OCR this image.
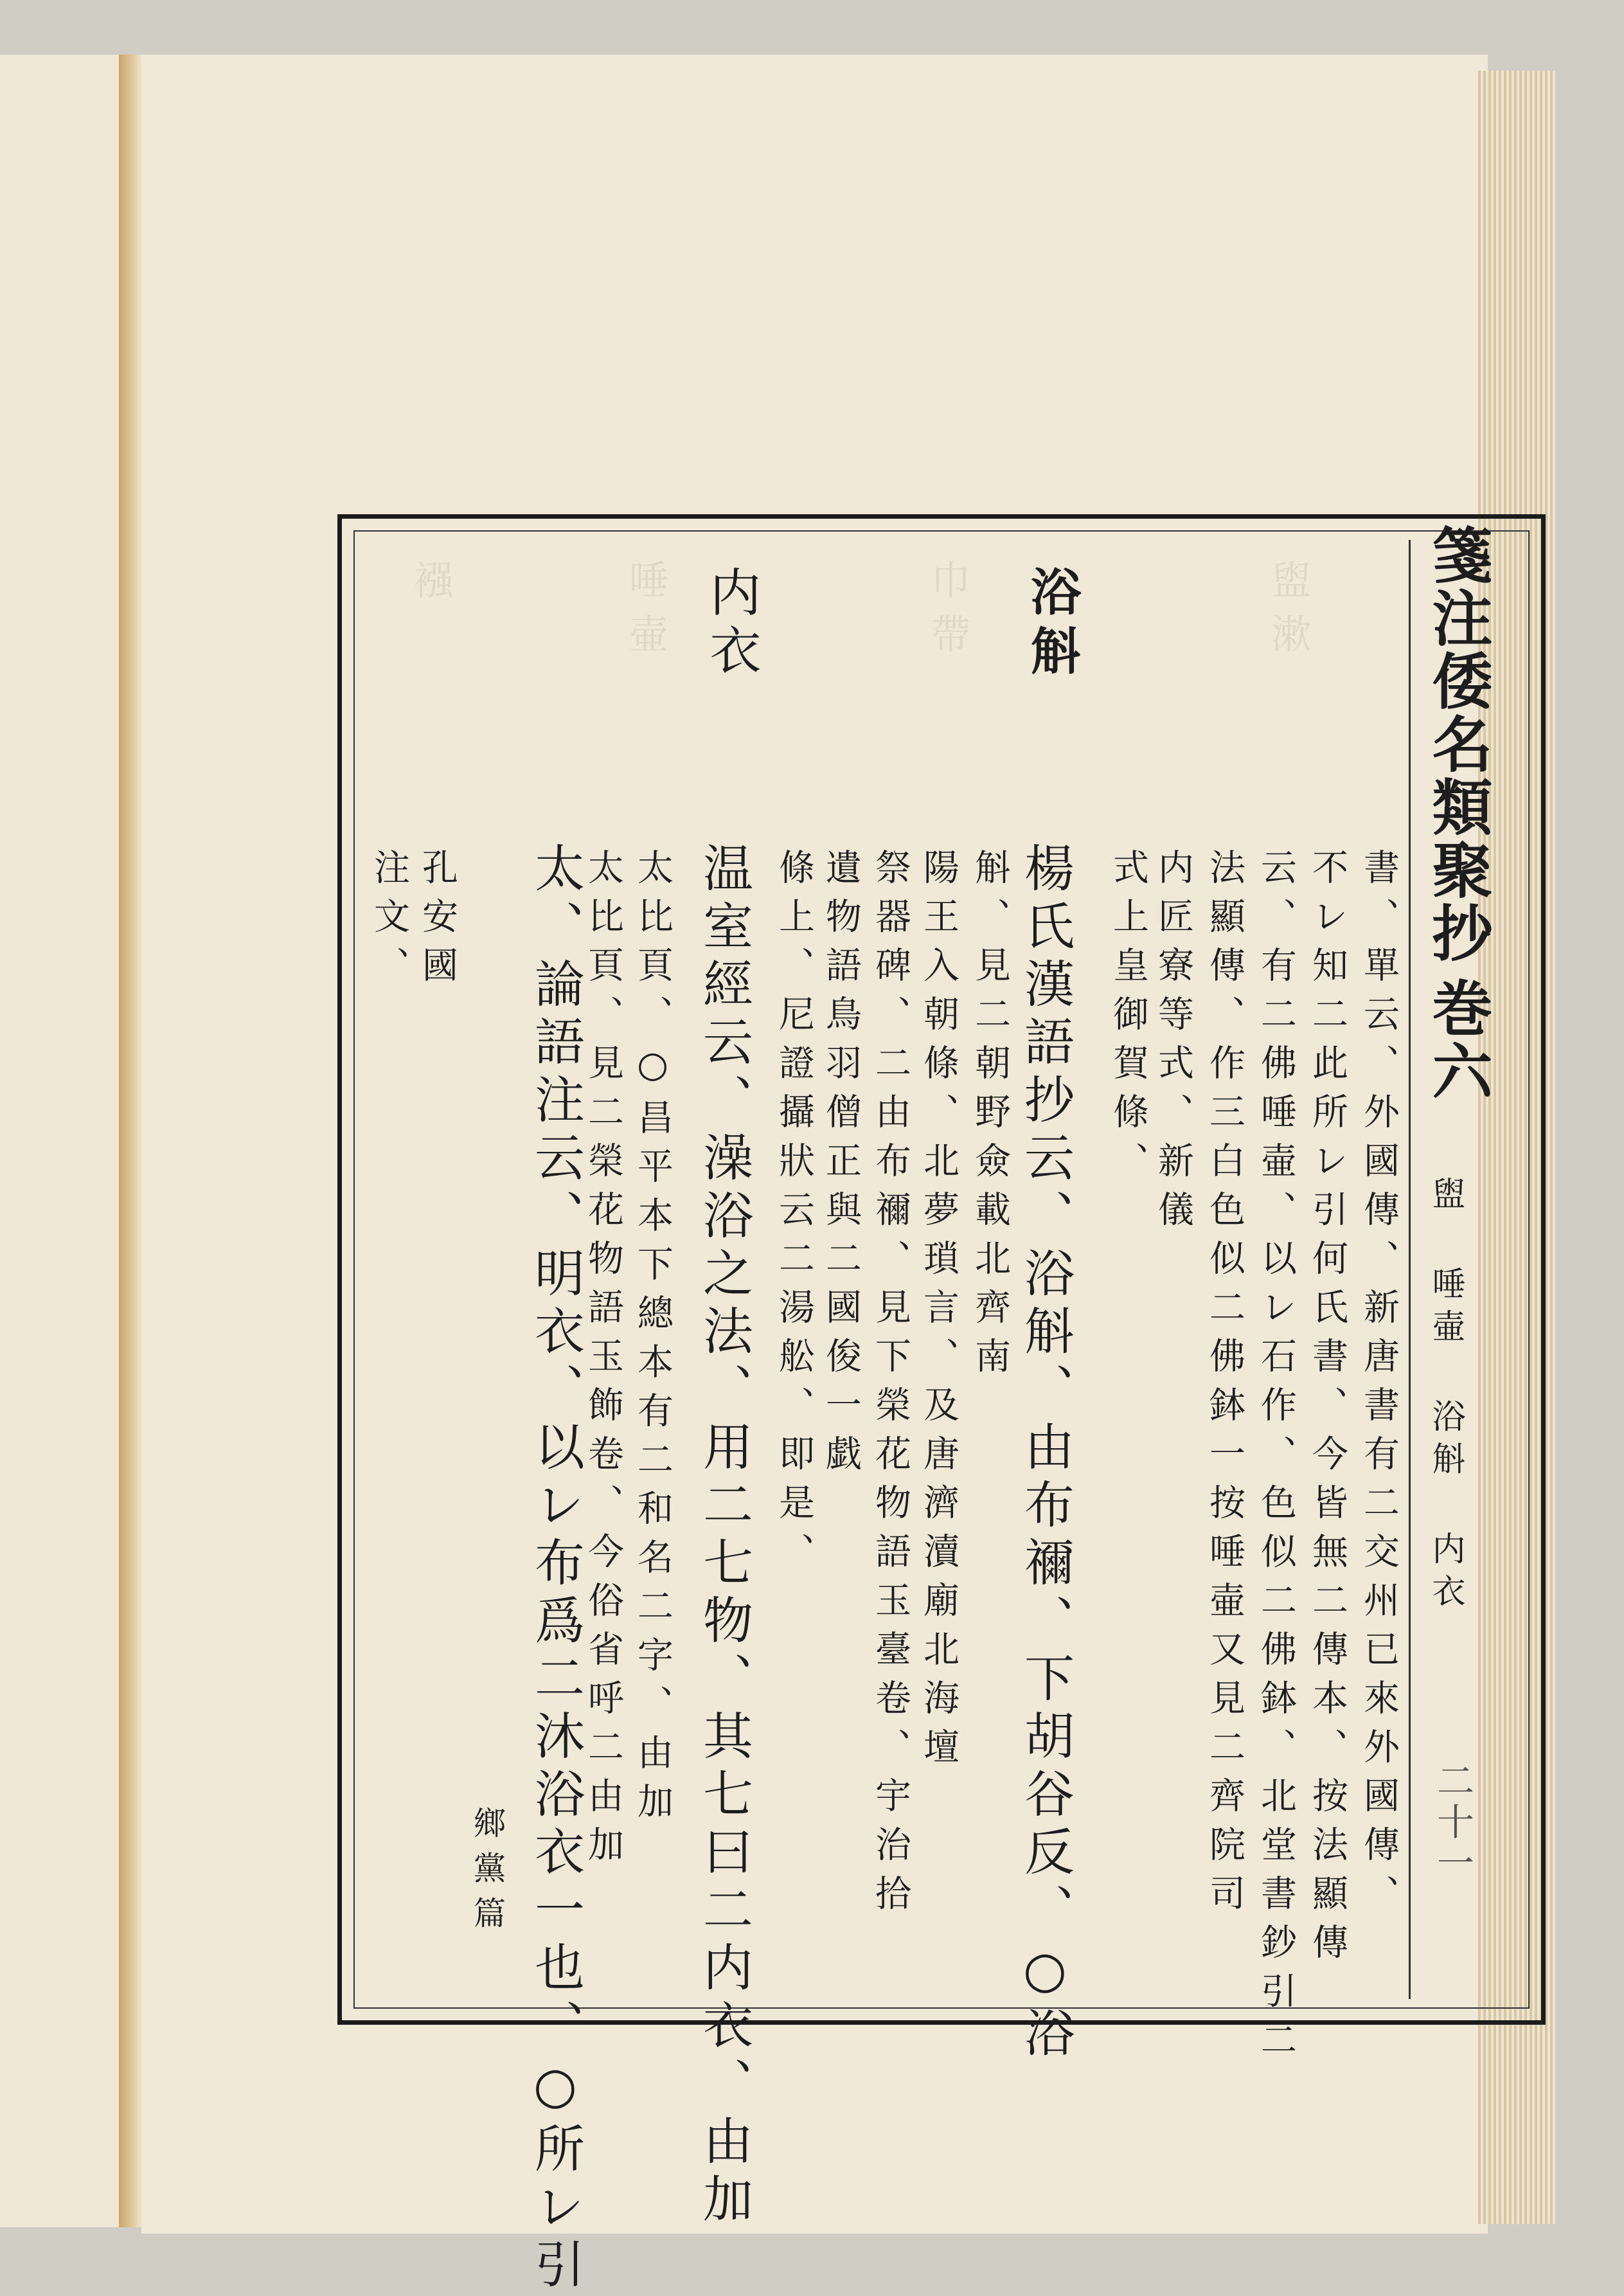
盥漱
巾帶
唾壷
襁	箋注倭名類聚抄
巻六
盥 唾壷 浴斛 内衣
二十一
書、單云、外國傳、新唐書有二交州已來外國傳、
不レ知二此所レ引何氏書、今皆無二傳本、按法顯傳
云、有二佛唾壷、以レ石作、色似二佛鉢、北堂書鈔引二
法顯傳、作三白色似二佛鉢一按唾壷又見二齊院司
内匠寮等式、新儀
式上皇御賀條、
浴斛
楊氏漢語抄云、浴斛、由布禰、下胡谷反、○浴
斛、見二朝野僉載北齊南
陽王入朝條、北夢瑣言、及唐濟瀆廟北海壇
祭器碑、二由布禰、見下榮花物語玉臺卷、宇治拾
遺物語鳥羽僧正與二國俊一戯
條上、尼證攝狀云二湯舩、即是、
内衣
温室經云、澡浴之法、用二七物、其七曰二内衣、由加
太比頁、○昌平本下總本有二和名二字、由加
太比頁、見二榮花物語玉飾卷、今俗省呼二由加
太、論語注云、明衣、以レ布爲二沐浴衣一也、○所レ引
孔安國
注文、
鄉黨篇
